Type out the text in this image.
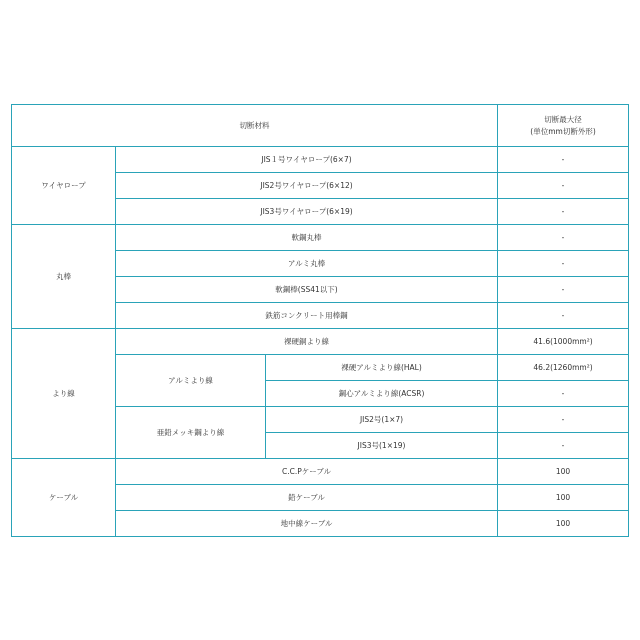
切断材料			切断最大径
(単位mm切断外形)

ワイヤロープ	JIS１号ワイヤロープ(6×7)		-
	JIS2号ワイヤロープ(6×12)		-
	JIS3号ワイヤロープ(6×19)		-
丸棒	軟鋼丸棒		-
	アルミ丸棒		-
	軟鋼棒(SS41以下)		-
	鉄筋コンクリート用棒鋼		-
より線	裸硬銅より線		41.6(1000mm²)
	アルミより線	裸硬アルミより線(HAL)	46.2(1260mm²)
		鋼心アルミより線(ACSR)	-
	亜鉛メッキ鋼より線	JIS2号(1×7)	-
		JIS3号(1×19)	-
ケーブル	C.C.Pケーブル		100
	鉛ケーブル		100
	地中線ケーブル		100
